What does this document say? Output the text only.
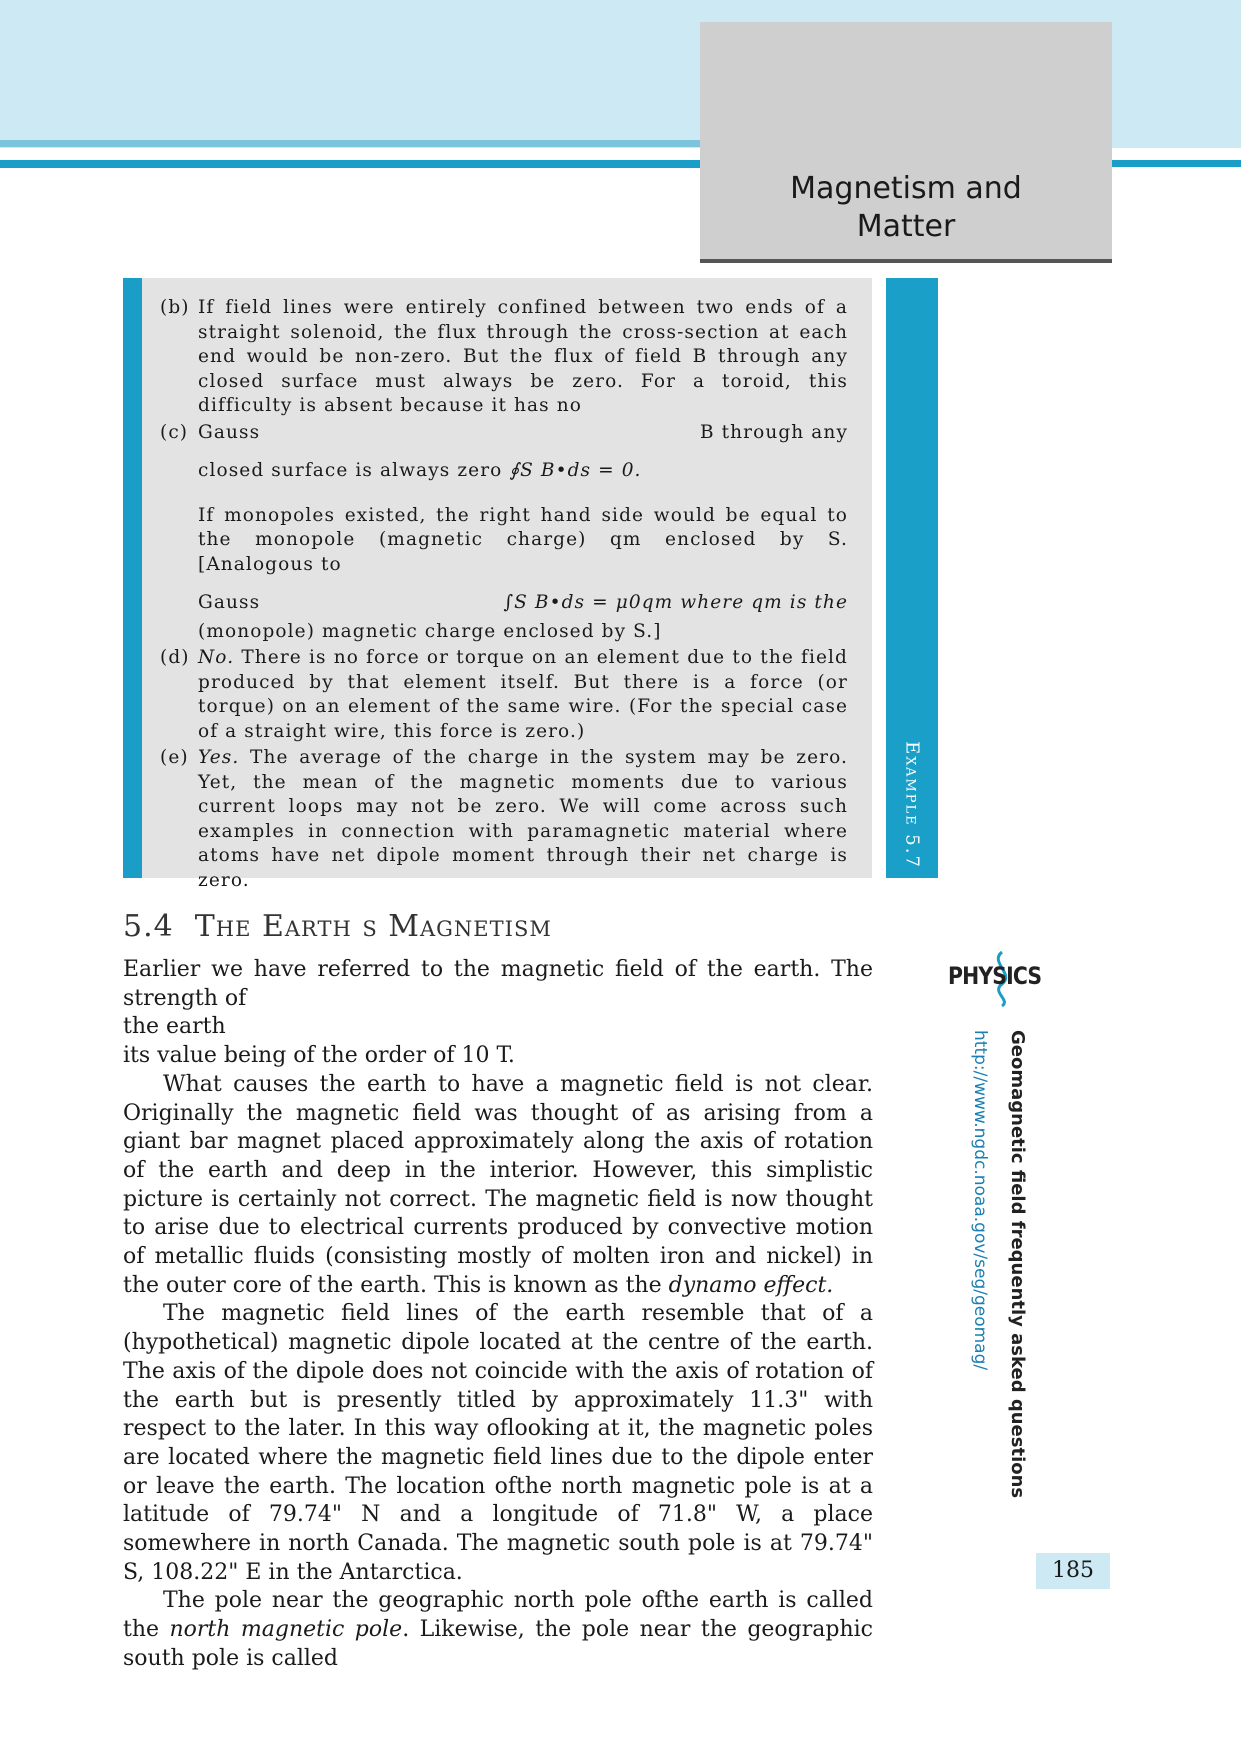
Magnetism and
Matter
Example 5.7
(b) If field lines were entirely confined between two ends of a straight solenoid, the flux through the cross-section at each end would be non-zero. But the flux of field B through any closed surface must always be zero. For a toroid, this difficulty is absent because it has no
(c) Gauss	B through any
closed surface is always zero ∮S B•ds = 0.
If monopoles existed, the right hand side would be equal to the monopole (magnetic charge) qm enclosed by S. [Analogous to
Gauss	∫S B•ds = μ0qm where qm is the
(monopole) magnetic charge enclosed by S.]
(d) No. There is no force or torque on an element due to the field produced by that element itself. But there is a force (or torque) on an element of the same wire. (For the special case of a straight wire, this force is zero.)
(e) Yes. The average of the charge in the system may be zero. Yet, the mean of the magnetic moments due to various current loops may not be zero. We will come across such examples in connection with paramagnetic material where atoms have net dipole moment through their net charge is zero.
5.4 The Earth s Magnetism

Earlier we have referred to the magnetic field of the earth. The strength of
the earth
its value being of the order of 10 T.

What causes the earth to have a magnetic field is not clear. Originally the magnetic field was thought of as arising from a giant bar magnet placed approximately along the axis of rotation of the earth and deep in the interior. However, this simplistic picture is certainly not correct. The magnetic field is now thought to arise due to electrical currents produced by convective motion of metallic fluids (consisting mostly of molten iron and nickel) in the outer core of the earth. This is known as the dynamo effect.

The magnetic field lines of the earth resemble that of a (hypothetical) magnetic dipole located at the centre of the earth. The axis of the dipole does not coincide with the axis of rotation of the earth but is presently titled by approximately 11.3" with respect to the later. In this way oflooking at it, the magnetic poles are located where the magnetic field lines due to the dipole enter or leave the earth. The location ofthe north magnetic pole is at a latitude of 79.74" N and a longitude of 71.8" W, a place somewhere in north Canada. The magnetic south pole is at 79.74" S, 108.22" E in the Antarctica.

The pole near the geographic north pole ofthe earth is called the north magnetic pole. Likewise, the pole near the geographic south pole is called

PHYSICS
Geomagnetic field frequently asked questions
http://www.ngdc.noaa.gov/seg/geomag/
185
